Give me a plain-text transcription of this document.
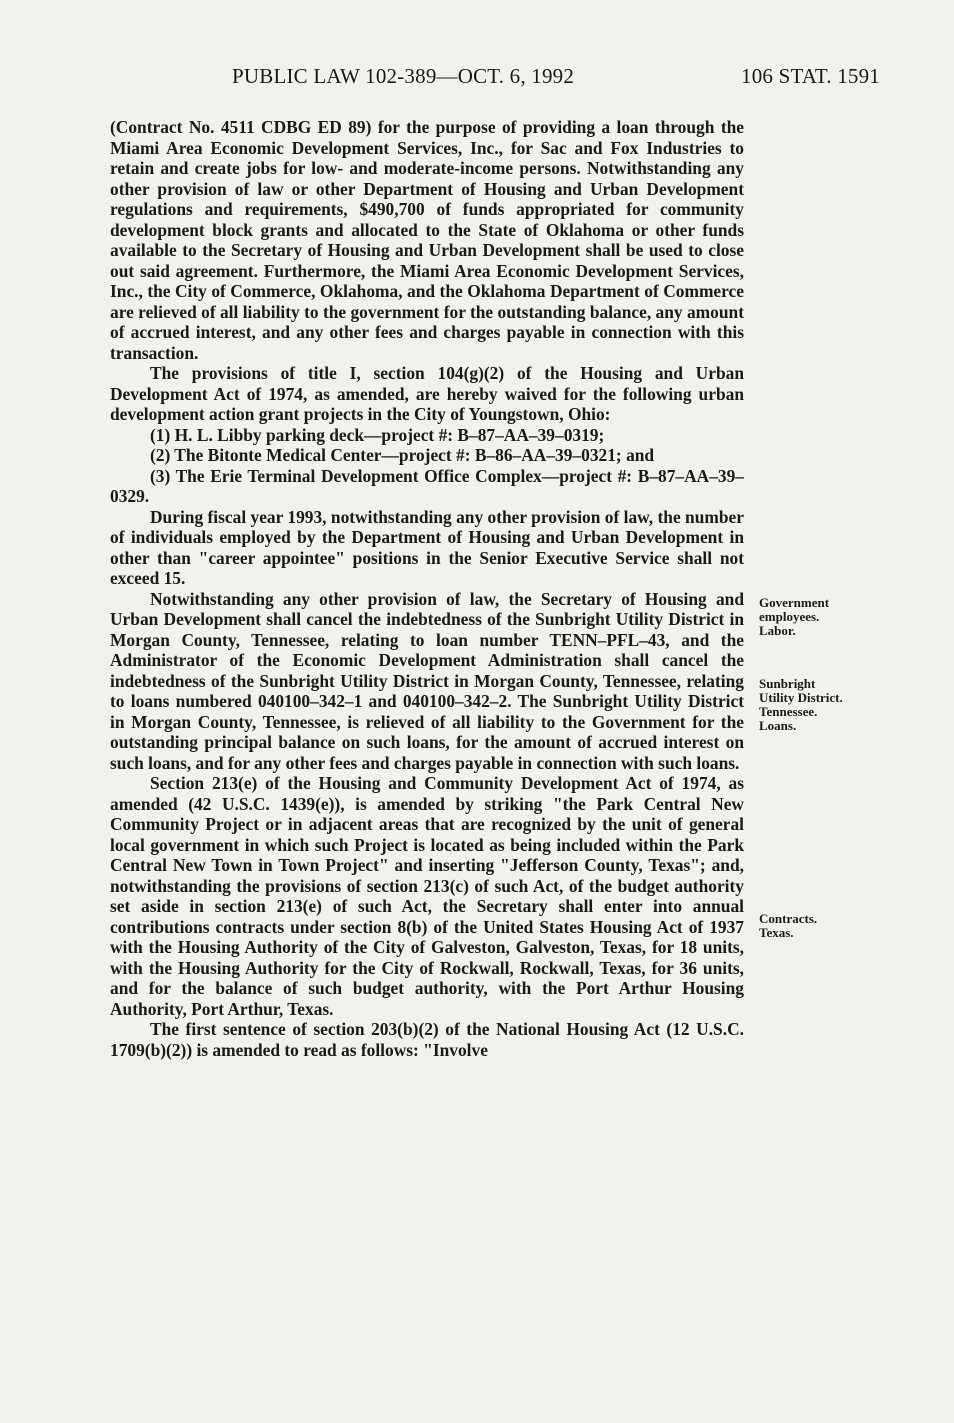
PUBLIC LAW 102-389—OCT. 6, 1992	106 STAT. 1591

(Contract No. 4511 CDBG ED 89) for the purpose of providing a loan through the Miami Area Economic Development Services, Inc., for Sac and Fox Industries to retain and create jobs for low- and moderate-income persons. Notwithstanding any other provision of law or other Department of Housing and Urban Development regulations and requirements, $490,700 of funds appropriated for community development block grants and allocated to the State of Oklahoma or other funds available to the Secretary of Housing and Urban Development shall be used to close out said agreement. Furthermore, the Miami Area Economic Development Services, Inc., the City of Commerce, Oklahoma, and the Oklahoma Department of Commerce are relieved of all liability to the government for the outstanding balance, any amount of accrued interest, and any other fees and charges payable in connection with this transaction.

The provisions of title I, section 104(g)(2) of the Housing and Urban Development Act of 1974, as amended, are hereby waived for the following urban development action grant projects in the City of Youngstown, Ohio:

(1) H. L. Libby parking deck—project #: B–87–AA–39–0319;

(2) The Bitonte Medical Center—project #: B–86–AA–39–0321; and

(3) The Erie Terminal Development Office Complex—project #: B–87–AA–39–0329.

During fiscal year 1993, notwithstanding any other provision of law, the number of individuals employed by the Department of Housing and Urban Development in other than "career appointee" positions in the Senior Executive Service shall not exceed 15.

Notwithstanding any other provision of law, the Secretary of Housing and Urban Development shall cancel the indebtedness of the Sunbright Utility District in Morgan County, Tennessee, relating to loan number TENN–PFL–43, and the Administrator of the Economic Development Administration shall cancel the indebtedness of the Sunbright Utility District in Morgan County, Tennessee, relating to loans numbered 040100–342–1 and 040100–342–2. The Sunbright Utility District in Morgan County, Tennessee, is relieved of all liability to the Government for the outstanding principal balance on such loans, for the amount of accrued interest on such loans, and for any other fees and charges payable in connection with such loans.

Section 213(e) of the Housing and Community Development Act of 1974, as amended (42 U.S.C. 1439(e)), is amended by striking "the Park Central New Community Project or in adjacent areas that are recognized by the unit of general local government in which such Project is located as being included within the Park Central New Town in Town Project" and inserting "Jefferson County, Texas"; and, notwithstanding the provisions of section 213(c) of such Act, of the budget authority set aside in section 213(e) of such Act, the Secretary shall enter into annual contributions contracts under section 8(b) of the United States Housing Act of 1937 with the Housing Authority of the City of Galveston, Galveston, Texas, for 18 units, with the Housing Authority for the City of Rockwall, Rockwall, Texas, for 36 units, and for the balance of such budget authority, with the Port Arthur Housing Authority, Port Arthur, Texas.

The first sentence of section 203(b)(2) of the National Housing Act (12 U.S.C. 1709(b)(2)) is amended to read as follows: "Involve

Government
employees.
Labor.
Sunbright
Utility District.
Tennessee.
Loans.
Contracts.
Texas.
